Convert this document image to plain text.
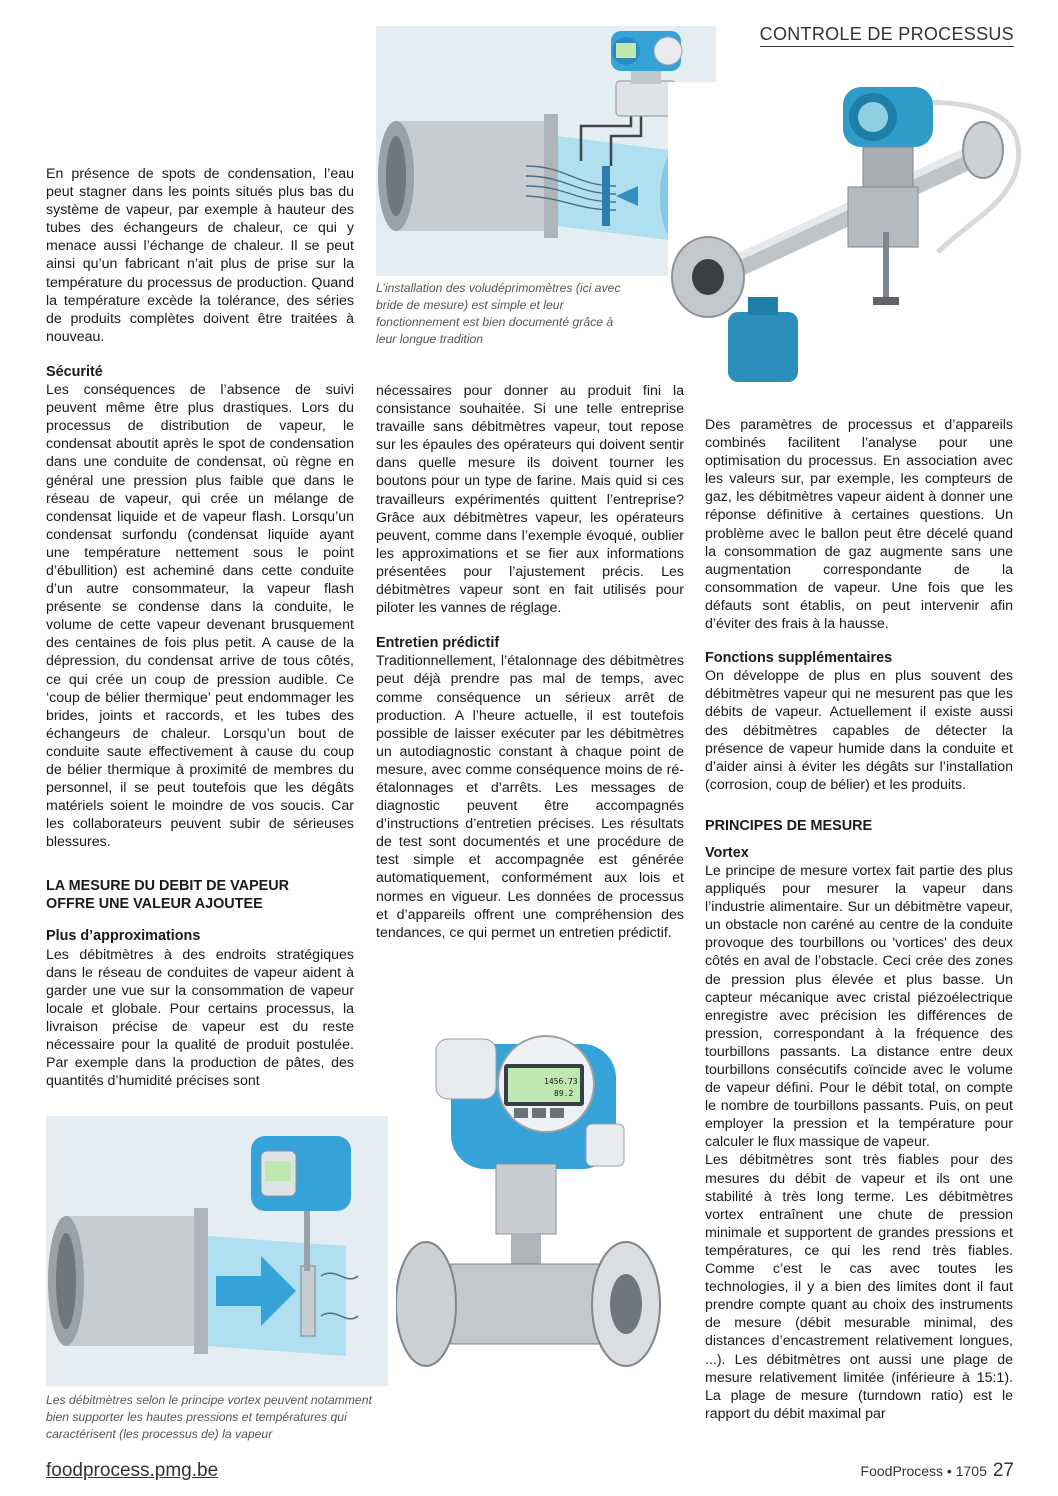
CONTROLE DE PROCESSUS
L’installation des voludéprimomètres (ici avec bride de mesure) est simple et leur fonctionnement est bien documenté grâce à leur longue tradition

En présence de spots de condensation, l’eau peut stagner dans les points situés plus bas du système de vapeur, par exemple à hauteur des tubes des échangeurs de chaleur, ce qui y menace aussi l’échange de chaleur. Il se peut ainsi qu’un fabricant n’ait plus de prise sur la température du processus de production. Quand la température excède la tolérance, des séries de produits complètes doivent être traitées à nouveau.

Sécurité

Les conséquences de l’absence de suivi peuvent même être plus drastiques. Lors du processus de distribution de vapeur, le condensat aboutit après le spot de condensation dans une conduite de condensat, où règne en général une pression plus faible que dans le réseau de vapeur, qui crée un mélange de condensat liquide et de vapeur flash. Lorsqu’un condensat surfondu (condensat liquide ayant une température nettement sous le point d’ébullition) est acheminé dans cette conduite d’un autre consommateur, la vapeur flash présente se condense dans la conduite, le volume de cette vapeur devenant brusquement des centaines de fois plus petit. A cause de la dépression, du condensat arrive de tous côtés, ce qui crée un coup de pression audible. Ce ‘coup de bélier thermique’ peut endommager les brides, joints et raccords, et les tubes des échangeurs de chaleur. Lorsqu’un bout de conduite saute effectivement à cause du coup de bélier thermique à proximité de membres du personnel, il se peut toutefois que les dégâts matériels soient le moindre de vos soucis. Car les collaborateurs peuvent subir de sérieuses blessures.

LA MESURE DU DEBIT DE VAPEUR

OFFRE UNE VALEUR AJOUTEE

Plus d’approximations

Les débitmètres à des endroits stratégiques dans le réseau de conduites de vapeur aident à garder une vue sur la consommation de vapeur locale et globale. Pour certains processus, la livraison précise de vapeur est du reste nécessaire pour la qualité de produit postulée. Par exemple dans la production de pâtes, des quantités d’humidité précises sont

nécessaires pour donner au produit fini la consistance souhaitée. Si une telle entreprise travaille sans débitmètres vapeur, tout repose sur les épaules des opérateurs qui doivent sentir dans quelle mesure ils doivent tourner les boutons pour un type de farine. Mais quid si ces travailleurs expérimentés quittent l’entreprise? Grâce aux débitmètres vapeur, les opérateurs peuvent, comme dans l’exemple évoqué, oublier les approximations et se fier aux informations présentées pour l’ajustement précis. Les débitmètres vapeur sont en fait utilisés pour piloter les vannes de réglage.

Entretien prédictif

Traditionnellement, l’étalonnage des débitmètres peut déjà prendre pas mal de temps, avec comme conséquence un sérieux arrêt de production. A l’heure actuelle, il est toutefois possible de laisser exécuter par les débitmètres un autodiagnostic constant à chaque point de mesure, avec comme conséquence moins de ré-étalonnages et d’arrêts. Les messages de diagnostic peuvent être accompagnés d’instructions d’entretien précises. Les résultats de test sont documentés et une procédure de test simple et accompagnée est générée automatiquement, conformément aux lois et normes en vigueur. Les données de processus et d’appareils offrent une compréhension des tendances, ce qui permet un entretien prédictif.

Des paramètres de processus et d’appareils combinés facilitent l’analyse pour une optimisation du processus. En association avec les valeurs sur, par exemple, les compteurs de gaz, les débitmètres vapeur aident à donner une réponse définitive à certaines questions. Un problème avec le ballon peut être décelé quand la consommation de gaz augmente sans une augmentation correspondante de la consommation de vapeur. Une fois que les défauts sont établis, on peut intervenir afin d’éviter des frais à la hausse.

Fonctions supplémentaires

On développe de plus en plus souvent des débitmètres vapeur qui ne mesurent pas que les débits de vapeur. Actuellement il existe aussi des débitmètres capables de détecter la présence de vapeur humide dans la conduite et d’aider ainsi à éviter les dégâts sur l’installation (corrosion, coup de bélier) et les produits.

PRINCIPES DE MESURE

Vortex

Le principe de mesure vortex fait partie des plus appliqués pour mesurer la vapeur dans l’industrie alimentaire. Sur un débitmètre vapeur, un obstacle non caréné au centre de la conduite provoque des tourbillons ou 'vortices' des deux côtés en aval de l’obstacle. Ceci crée des zones de pression plus élevée et plus basse. Un capteur mécanique avec cristal piézoélectrique enregistre avec précision les différences de pression, correspondant à la fréquence des tourbillons passants. La distance entre deux tourbillons consécutifs coïncide avec le volume de vapeur défini. Pour le débit total, on compte le nombre de tourbillons passants. Puis, on peut employer la pression et la température pour calculer le flux massique de vapeur.

Les débitmètres sont très fiables pour des mesures du débit de vapeur et ils ont une stabilité à très long terme. Les débitmètres vortex entraînent une chute de pression minimale et supportent de grandes pressions et températures, ce qui les rend très fiables. Comme c’est le cas avec toutes les technologies, il y a bien des limites dont il faut prendre compte quant au choix des instruments de mesure (débit mesurable minimal, des distances d’encastrement relativement longues, ...). Les débitmètres ont aussi une plage de mesure relativement limitée (inférieure à 15:1). La plage de mesure (turndown ratio) est le rapport du débit maximal par

Les débitmètres selon le principe vortex peuvent notamment bien supporter les hautes pressions et températures qui caractérisent (les processus de) la vapeur
1456.73
89.2
foodprocess.pmg.be	FoodProcess • 1705 27
